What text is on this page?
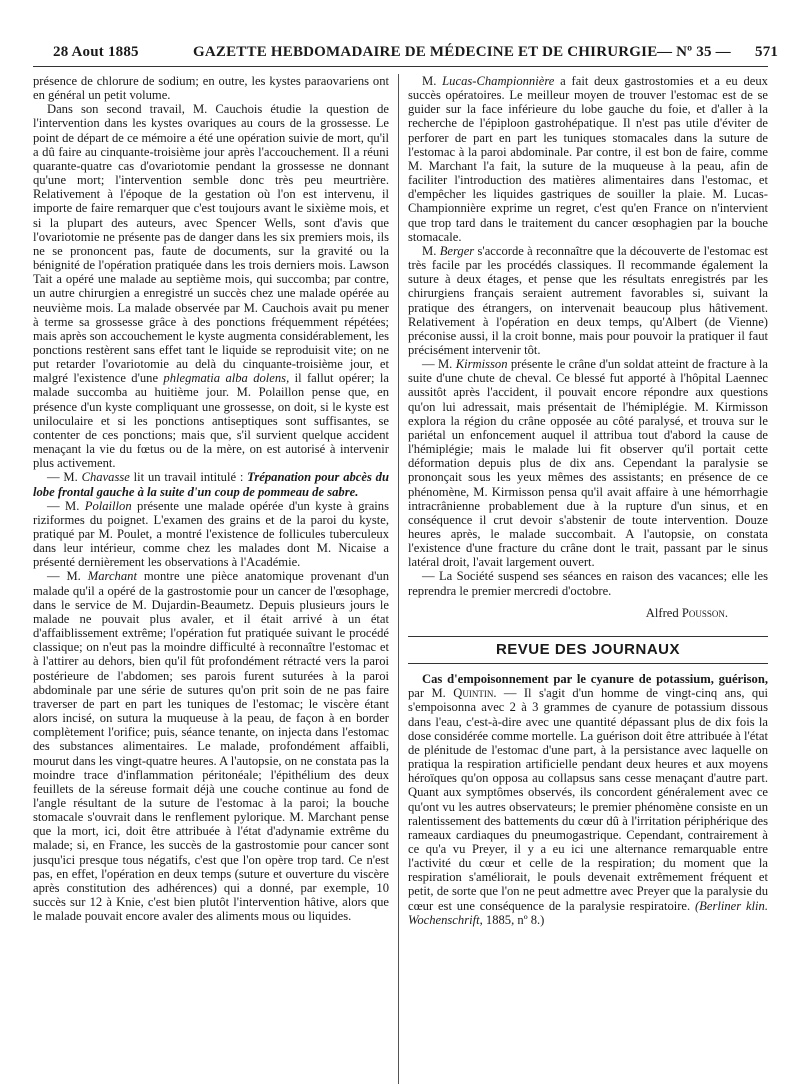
28 Aout 1885	GAZETTE HEBDOMADAIRE DE MÉDECINE ET DE CHIRURGIE — Nº 35 — 571

présence de chlorure de sodium; en outre, les kystes paraovariens ont en général un petit volume.

Dans son second travail, M. Cauchois étudie la question de l'intervention dans les kystes ovariques au cours de la grossesse. Le point de départ de ce mémoire a été une opération suivie de mort, qu'il a dû faire au cinquante-troisième jour après l'accouchement. Il a réuni quarante-quatre cas d'ovariotomie pendant la grossesse ne donnant qu'une mort; l'intervention semble donc très peu meurtrière. Relativement à l'époque de la gestation où l'on est intervenu, il importe de faire remarquer que c'est toujours avant le sixième mois, et si la plupart des auteurs, avec Spencer Wells, sont d'avis que l'ovariotomie ne présente pas de danger dans les six premiers mois, ils ne se prononcent pas, faute de documents, sur la gravité ou la bénignité de l'opération pratiquée dans les trois derniers mois. Lawson Tait a opéré une malade au septième mois, qui succomba; par contre, un autre chirurgien a enregistré un succès chez une malade opérée au neuvième mois. La malade observée par M. Cauchois avait pu mener à terme sa grossesse grâce à des ponctions fréquemment répétées; mais après son accouchement le kyste augmenta considérablement, les ponctions restèrent sans effet tant le liquide se reproduisit vite; on ne put retarder l'ovariotomie au delà du cinquante-troisième jour, et malgré l'existence d'une phlegmatia alba dolens, il fallut opérer; la malade succomba au huitième jour. M. Polaillon pense que, en présence d'un kyste compliquant une grossesse, on doit, si le kyste est uniloculaire et si les ponctions antiseptiques sont suffisantes, se contenter de ces ponctions; mais que, s'il survient quelque accident menaçant la vie du fœtus ou de la mère, on est autorisé à intervenir plus activement.

— M. Chavasse lit un travail intitulé : Trépanation pour abcès du lobe frontal gauche à la suite d'un coup de pommeau de sabre.

— M. Polaillon présente une malade opérée d'un kyste à grains riziformes du poignet. L'examen des grains et de la paroi du kyste, pratiqué par M. Poulet, a montré l'existence de follicules tuberculeux dans leur intérieur, comme chez les malades dont M. Nicaise a présenté dernièrement les observations à l'Académie.

— M. Marchant montre une pièce anatomique provenant d'un malade qu'il a opéré de la gastrostomie pour un cancer de l'œsophage, dans le service de M. Dujardin-Beaumetz. Depuis plusieurs jours le malade ne pouvait plus avaler, et il était arrivé à un état d'affaiblissement extrême; l'opération fut pratiquée suivant le procédé classique; on n'eut pas la moindre difficulté à reconnaître l'estomac et à l'attirer au dehors, bien qu'il fût profondément rétracté vers la paroi postérieure de l'abdomen; ses parois furent suturées à la paroi abdominale par une série de sutures qu'on prit soin de ne pas faire traverser de part en part les tuniques de l'estomac; le viscère étant alors incisé, on sutura la muqueuse à la peau, de façon à en border complètement l'orifice; puis, séance tenante, on injecta dans l'estomac des substances alimentaires. Le malade, profondément affaibli, mourut dans les vingt-quatre heures. A l'autopsie, on ne constata pas la moindre trace d'inflammation péritonéale; l'épithélium des deux feuillets de la séreuse formait déjà une couche continue au fond de l'angle résultant de la suture de l'estomac à la paroi; la bouche stomacale s'ouvrait dans le renflement pylorique. M. Marchant pense que la mort, ici, doit être attribuée à l'état d'adynamie extrême du malade; si, en France, les succès de la gastrostomie pour cancer sont jusqu'ici presque tous négatifs, c'est que l'on opère trop tard. Ce n'est pas, en effet, l'opération en deux temps (suture et ouverture du viscère après constitution des adhérences) qui a donné, par exemple, 10 succès sur 12 à Knie, c'est bien plutôt l'intervention hâtive, alors que le malade pouvait encore avaler des aliments mous ou liquides.

M. Lucas-Championnière a fait deux gastrostomies et a eu deux succès opératoires. Le meilleur moyen de trouver l'estomac est de se guider sur la face inférieure du lobe gauche du foie, et d'aller à la recherche de l'épiploon gastrohépatique. Il n'est pas utile d'éviter de perforer de part en part les tuniques stomacales dans la suture de l'estomac à la paroi abdominale. Par contre, il est bon de faire, comme M. Marchant l'a fait, la suture de la muqueuse à la peau, afin de faciliter l'introduction des matières alimentaires dans l'estomac, et d'empêcher les liquides gastriques de souiller la plaie. M. Lucas-Championnière exprime un regret, c'est qu'en France on n'intervient que trop tard dans le traitement du cancer œsophagien par la bouche stomacale.

M. Berger s'accorde à reconnaître que la découverte de l'estomac est très facile par les procédés classiques. Il recommande également la suture à deux étages, et pense que les résultats enregistrés par les chirurgiens français seraient autrement favorables si, suivant la pratique des étrangers, on intervenait beaucoup plus hâtivement. Relativement à l'opération en deux temps, qu'Albert (de Vienne) préconise aussi, il la croit bonne, mais pour pouvoir la pratiquer il faut précisément intervenir tôt.

— M. Kirmisson présente le crâne d'un soldat atteint de fracture à la suite d'une chute de cheval. Ce blessé fut apporté à l'hôpital Laennec aussitôt après l'accident, il pouvait encore répondre aux questions qu'on lui adressait, mais présentait de l'hémiplégie. M. Kirmisson explora la région du crâne opposée au côté paralysé, et trouva sur le pariétal un enfoncement auquel il attribua tout d'abord la cause de l'hémiplégie; mais le malade lui fit observer qu'il portait cette déformation depuis plus de dix ans. Cependant la paralysie se prononçait sous les yeux mêmes des assistants; en présence de ce phénomène, M. Kirmisson pensa qu'il avait affaire à une hémorrhagie intracrânienne probablement due à la rupture d'un sinus, et en conséquence il crut devoir s'abstenir de toute intervention. Douze heures après, le malade succombait. A l'autopsie, on constata l'existence d'une fracture du crâne dont le trait, passant par le sinus latéral droit, l'avait largement ouvert.

— La Société suspend ses séances en raison des vacances; elle les reprendra le premier mercredi d'octobre.

Alfred Pousson.

REVUE DES JOURNAUX

Cas d'empoisonnement par le cyanure de potassium, guérison, par M. Quintin. — Il s'agit d'un homme de vingt-cinq ans, qui s'empoisonna avec 2 à 3 grammes de cyanure de potassium dissous dans l'eau, c'est-à-dire avec une quantité dépassant plus de dix fois la dose considérée comme mortelle. La guérison doit être attribuée à l'état de plénitude de l'estomac d'une part, à la persistance avec laquelle on pratiqua la respiration artificielle pendant deux heures et aux moyens héroïques qu'on opposa au collapsus sans cesse menaçant d'autre part. Quant aux symptômes observés, ils concordent généralement avec ce qu'ont vu les autres observateurs; le premier phénomène consiste en un ralentissement des battements du cœur dû à l'irritation périphérique des rameaux cardiaques du pneumogastrique. Cependant, contrairement à ce qu'a vu Preyer, il y a eu ici une alternance remarquable entre l'activité du cœur et celle de la respiration; du moment que la respiration s'améliorait, le pouls devenait extrêmement fréquent et petit, de sorte que l'on ne peut admettre avec Preyer que la paralysie du cœur est une conséquence de la paralysie respiratoire. (Berliner klin. Wochenschrift, 1885, nº 8.)
